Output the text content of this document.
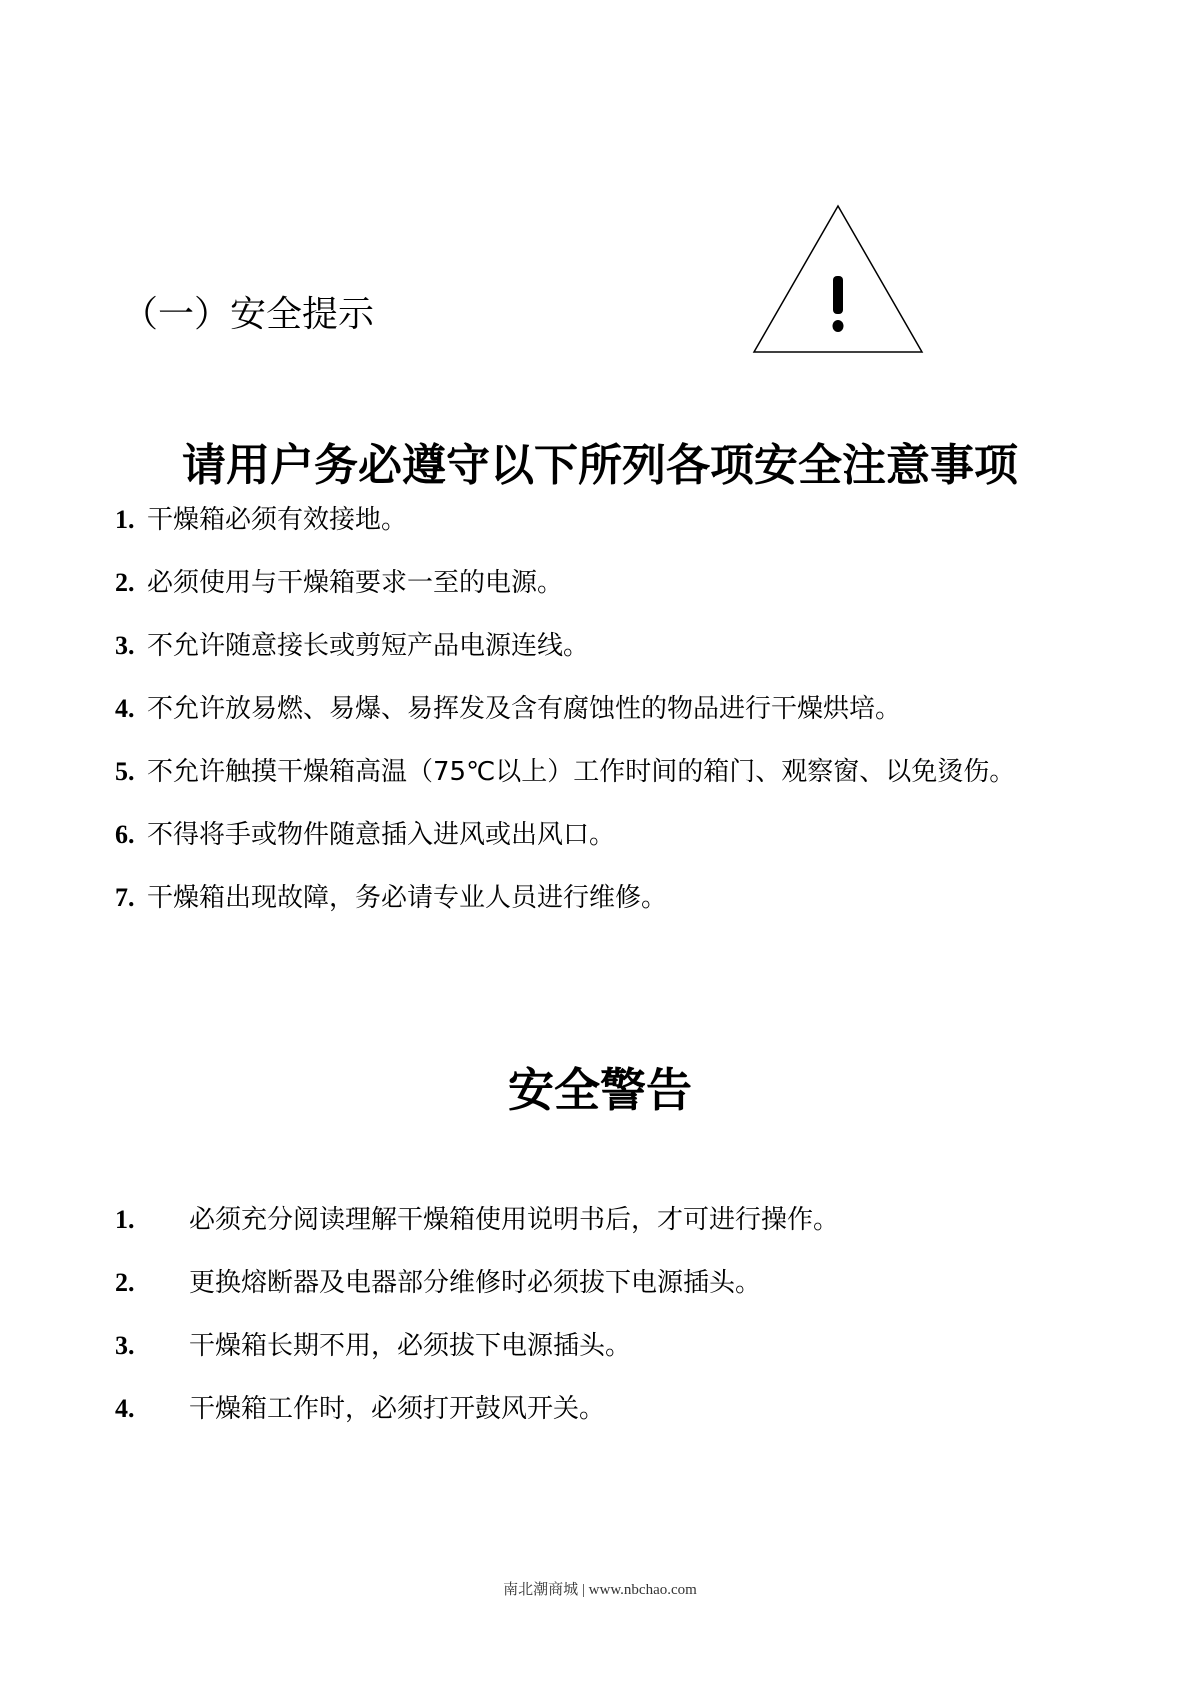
（一）安全提示
请用户务必遵守以下所列各项安全注意事项
1. 干燥箱必须有效接地。
2. 必须使用与干燥箱要求一至的电源。
3. 不允许随意接长或剪短产品电源连线。
4. 不允许放易燃、易爆、易挥发及含有腐蚀性的物品进行干燥烘培。
5. 不允许触摸干燥箱高温（75℃以上）工作时间的箱门、观察窗、以免烫伤。
6. 不得将手或物件随意插入进风或出风口。
7. 干燥箱出现故障，务必请专业人员进行维修。
安全警告
1.	必须充分阅读理解干燥箱使用说明书后，才可进行操作。
2.	更换熔断器及电器部分维修时必须拔下电源插头。
3.	干燥箱长期不用，必须拔下电源插头。
4.	干燥箱工作时，必须打开鼓风开关。
南北潮商城 | www.nbchao.com
